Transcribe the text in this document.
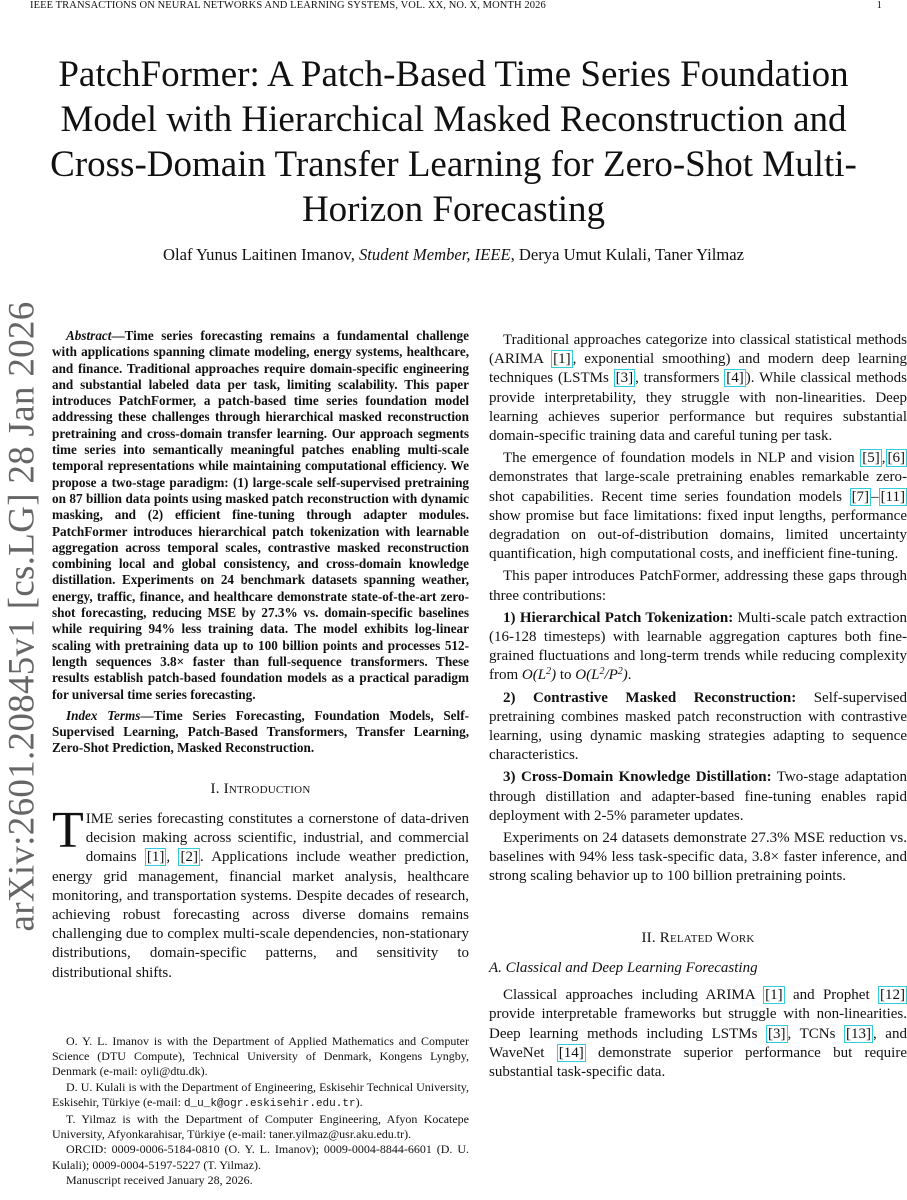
IEEE TRANSACTIONS ON NEURAL NETWORKS AND LEARNING SYSTEMS, VOL. XX, NO. X, MONTH 2026	1
arXiv:2601.20845v1 [cs.LG] 28 Jan 2026
PatchFormer: A Patch-Based Time Series Foundation Model with Hierarchical Masked Reconstruction and Cross-Domain Transfer Learning for Zero-Shot Multi-Horizon Forecasting
Olaf Yunus Laitinen Imanov, Student Member, IEEE, Derya Umut Kulali, Taner Yilmaz

Abstract—Time series forecasting remains a fundamental challenge with applications spanning climate modeling, energy systems, healthcare, and finance. Traditional approaches require domain-specific engineering and substantial labeled data per task, limiting scalability. This paper introduces PatchFormer, a patch-based time series foundation model addressing these challenges through hierarchical masked reconstruction pretraining and cross-domain transfer learning. Our approach segments time series into semantically meaningful patches enabling multi-scale temporal representations while maintaining computational efficiency. We propose a two-stage paradigm: (1) large-scale self-supervised pretraining on 87 billion data points using masked patch reconstruction with dynamic masking, and (2) efficient fine-tuning through adapter modules. PatchFormer introduces hierarchical patch tokenization with learnable aggregation across temporal scales, contrastive masked reconstruction combining local and global consistency, and cross-domain knowledge distillation. Experiments on 24 benchmark datasets spanning weather, energy, traffic, finance, and healthcare demonstrate state-of-the-art zero-shot forecasting, reducing MSE by 27.3% vs. domain-specific baselines while requiring 94% less training data. The model exhibits log-linear scaling with pretraining data up to 100 billion points and processes 512-length sequences 3.8× faster than full-sequence transformers. These results establish patch-based foundation models as a practical paradigm for universal time series forecasting.

Index Terms—Time Series Forecasting, Foundation Models, Self-Supervised Learning, Patch-Based Transformers, Transfer Learning, Zero-Shot Prediction, Masked Reconstruction.

I. Introduction

TIME series forecasting constitutes a cornerstone of data-driven decision making across scientific, industrial, and commercial domains [1] , [2] . Applications include weather prediction, energy grid management, financial market analysis, healthcare monitoring, and transportation systems. Despite decades of research, achieving robust forecasting across diverse domains remains challenging due to complex multi-scale dependencies, non-stationary distributions, domain-specific patterns, and sensitivity to distributional shifts.

Traditional approaches categorize into classical statistical methods (ARIMA [1] , exponential smoothing) and modern deep learning techniques (LSTMs [3] , transformers [4] ). While classical methods provide interpretability, they struggle with non-linearities. Deep learning achieves superior performance but requires substantial domain-specific training data and careful tuning per task.

The emergence of foundation models in NLP and vision [5] , [6] demonstrates that large-scale pretraining enables remarkable zero-shot capabilities. Recent time series foundation models [7] – [11] show promise but face limitations: fixed input lengths, performance degradation on out-of-distribution domains, limited uncertainty quantification, high computational costs, and inefficient fine-tuning.

This paper introduces PatchFormer, addressing these gaps through three contributions:

1) Hierarchical Patch Tokenization: Multi-scale patch extraction (16-128 timesteps) with learnable aggregation captures both fine-grained fluctuations and long-term trends while reducing complexity from $O(L^2)$ to $O(L^2/P^2)$.

2) Contrastive Masked Reconstruction: Self-supervised pretraining combines masked patch reconstruction with contrastive learning, using dynamic masking strategies adapting to sequence characteristics.

3) Cross-Domain Knowledge Distillation: Two-stage adaptation through distillation and adapter-based fine-tuning enables rapid deployment with 2-5% parameter updates.

Experiments on 24 datasets demonstrate 27.3% MSE reduction vs. baselines with 94% less task-specific data, 3.8× faster inference, and strong scaling behavior up to 100 billion pretraining points.

II. Related Work

A. Classical and Deep Learning Forecasting

Classical approaches including ARIMA [1] and Prophet [12] provide interpretable frameworks but struggle with non-linearities. Deep learning methods including LSTMs [3] , TCNs [13] , and WaveNet [14] demonstrate superior performance but require substantial task-specific data.

O. Y. L. Imanov is with the Department of Applied Mathematics and Computer Science (DTU Compute), Technical University of Denmark, Kongens Lyngby, Denmark (e-mail: oyli@dtu.dk).

D. U. Kulali is with the Department of Engineering, Eskisehir Technical University, Eskisehir, Türkiye (e-mail: d_u_k@ogr.eskisehir.edu.tr).

T. Yilmaz is with the Department of Computer Engineering, Afyon Kocatepe University, Afyonkarahisar, Türkiye (e-mail: taner.yilmaz@usr.aku.edu.tr).

ORCID: 0009-0006-5184-0810 (O. Y. L. Imanov); 0009-0004-8844-6601 (D. U. Kulali); 0009-0004-5197-5227 (T. Yilmaz).

Manuscript received January 28, 2026.
